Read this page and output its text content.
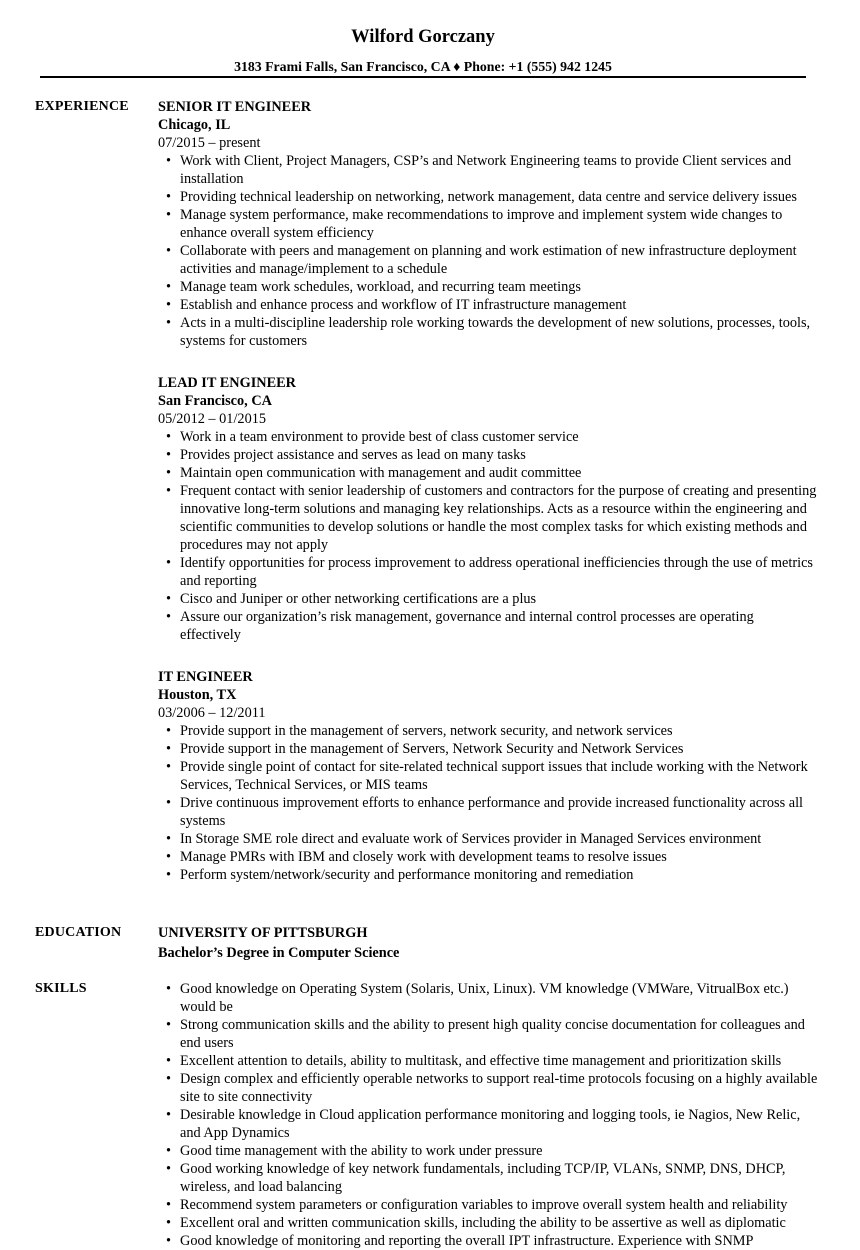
Wilford Gorczany
3183 Frami Falls, San Francisco, CA ♦ Phone: +1 (555) 942 1245
EXPERIENCE SENIOR IT ENGINEER
Chicago, IL
07/2015 – present
• Work with Client, Project Managers, CSP’s and Network Engineering teams to provide Client services and installation
• Providing technical leadership on networking, network management, data centre and service delivery issues
• Manage system performance, make recommendations to improve and implement system wide changes to enhance overall system efficiency
• Collaborate with peers and management on planning and work estimation of new infrastructure deployment activities and manage/implement to a schedule
• Manage team work schedules, workload, and recurring team meetings
• Establish and enhance process and workflow of IT infrastructure management
• Acts in a multi-discipline leadership role working towards the development of new solutions, processes, tools, systems for customers
LEAD IT ENGINEER
San Francisco, CA
05/2012 – 01/2015
• Work in a team environment to provide best of class customer service
• Provides project assistance and serves as lead on many tasks
• Maintain open communication with management and audit committee
• Frequent contact with senior leadership of customers and contractors for the purpose of creating and presenting innovative long-term solutions and managing key relationships. Acts as a resource within the engineering and scientific communities to develop solutions or handle the most complex tasks for which existing methods and procedures may not apply
• Identify opportunities for process improvement to address operational inefficiencies through the use of metrics and reporting
• Cisco and Juniper or other networking certifications are a plus
• Assure our organization’s risk management, governance and internal control processes are operating effectively
IT ENGINEER
Houston, TX
03/2006 – 12/2011
• Provide support in the management of servers, network security, and network services
• Provide support in the management of Servers, Network Security and Network Services
• Provide single point of contact for site-related technical support issues that include working with the Network Services, Technical Services, or MIS teams
• Drive continuous improvement efforts to enhance performance and provide increased functionality across all systems
• In Storage SME role direct and evaluate work of Services provider in Managed Services environment
• Manage PMRs with IBM and closely work with development teams to resolve issues
• Perform system/network/security and performance monitoring and remediation
EDUCATION	UNIVERSITY OF PITTSBURGH
Bachelor’s Degree in Computer Science
SKILLS
•	Good knowledge on Operating System (Solaris, Unix, Linux). VM knowledge (VMWare, VitrualBox etc.) would be
• Strong communication skills and the ability to present high quality concise documentation for colleagues and end users
• Excellent attention to details, ability to multitask, and effective time management and prioritization skills
• Design complex and efficiently operable networks to support real-time protocols focusing on a highly available site to site connectivity
• Desirable knowledge in Cloud application performance monitoring and logging tools, ie Nagios, New Relic, and App Dynamics
• Good time management with the ability to work under pressure
• Good working knowledge of key network fundamentals, including TCP/IP, VLANs, SNMP, DNS, DHCP, wireless, and load balancing
• Recommend system parameters or configuration variables to improve overall system health and reliability
• Excellent oral and written communication skills, including the ability to be assertive as well as diplomatic
• Good knowledge of monitoring and reporting the overall IPT infrastructure. Experience with SNMP
